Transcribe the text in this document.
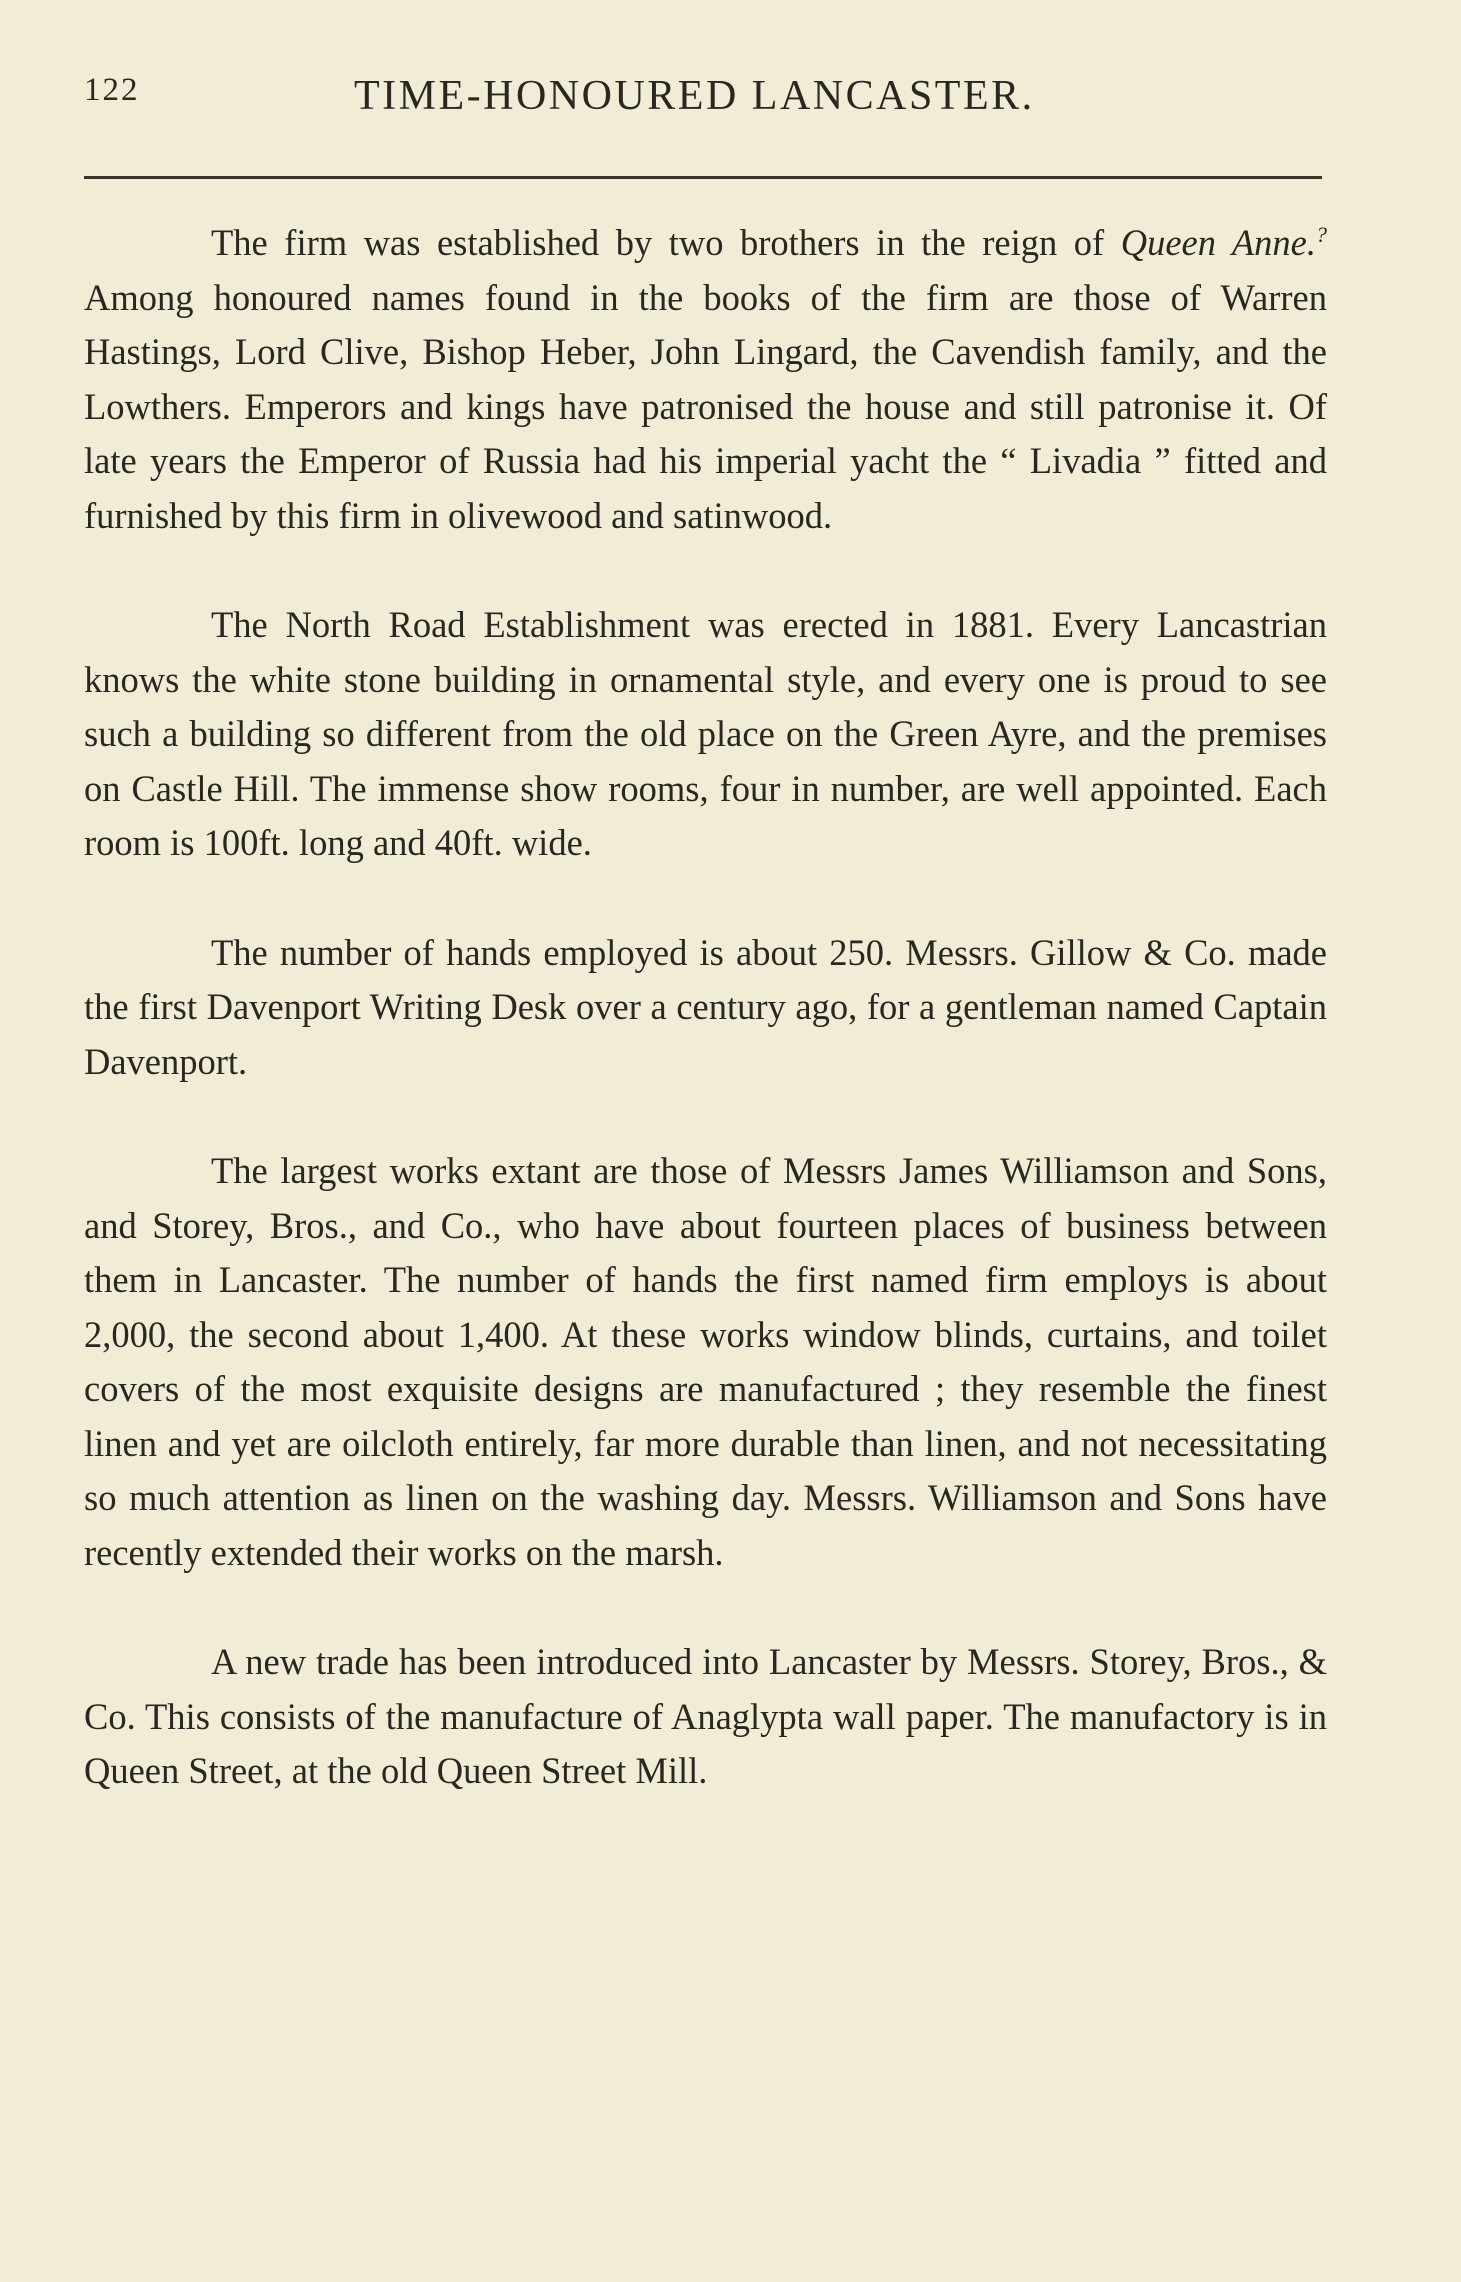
122	TIME-HONOURED LANCASTER.

The firm was established by two brothers in the reign of Queen Anne.? Among honoured names found in the books of the firm are those of Warren Hastings, Lord Clive, Bishop Heber, John Lingard, the Cavendish family, and the Lowthers. Emperors and kings have patronised the house and still patronise it. Of late years the Emperor of Russia had his imperial yacht the “ Livadia ” fitted and furnished by this firm in olivewood and satinwood.

The North Road Establishment was erected in 1881. Every Lancastrian knows the white stone building in ornamental style, and every one is proud to see such a building so different from the old place on the Green Ayre, and the premises on Castle Hill. The immense show rooms, four in number, are well appointed. Each room is 100ft. long and 40ft. wide.

The number of hands employed is about 250. Messrs. Gillow & Co. made the first Davenport Writing Desk over a century ago, for a gentleman named Captain Davenport.

The largest works extant are those of Messrs James Williamson and Sons, and Storey, Bros., and Co., who have about fourteen places of business between them in Lancaster. The number of hands the first named firm employs is about 2,000, the second about 1,400. At these works window blinds, curtains, and toilet covers of the most exquisite designs are manufactured ; they resemble the finest linen and yet are oilcloth entirely, far more durable than linen, and not necessitating so much attention as linen on the washing day. Messrs. Williamson and Sons have recently extended their works on the marsh.

A new trade has been introduced into Lancaster by Messrs. Storey, Bros., & Co. This consists of the manufacture of Anaglypta wall paper. The manufactory is in Queen Street, at the old Queen Street Mill.
